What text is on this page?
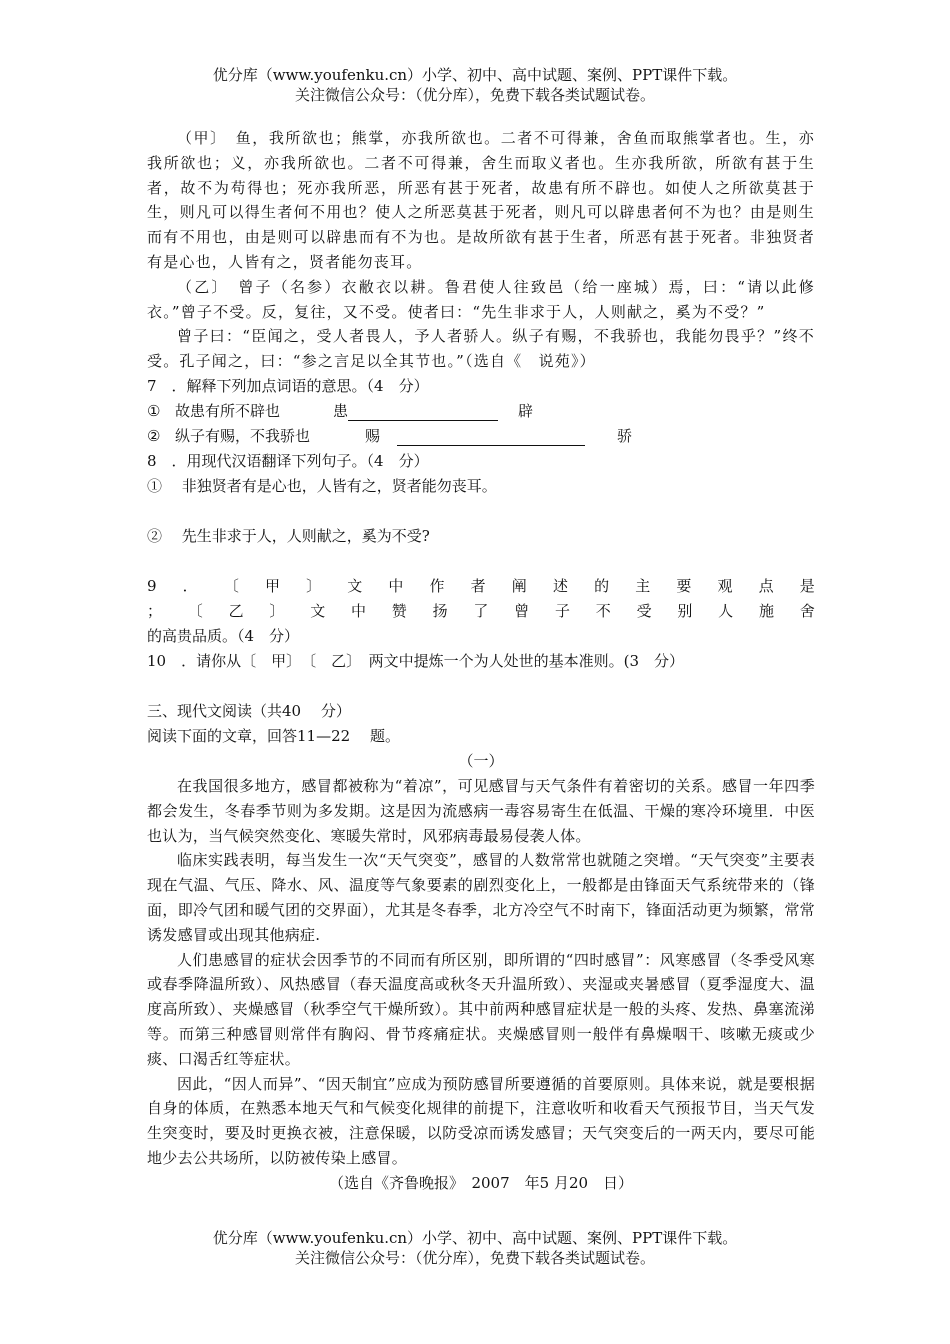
优分库（www.youfenku.cn）小学、初中、高中试题、案例、PPT课件下载。
关注微信公众号：（优分库），免费下载各类试题试卷。

（甲〕　鱼，我所欲也；熊掌，亦我所欲也。二者不可得兼，舍鱼而取熊掌者也。生，亦我所欲也；义，亦我所欲也。二者不可得兼，舍生而取义者也。生亦我所欲，所欲有甚于生者，故不为苟得也；死亦我所恶，所恶有甚于死者，故患有所不辟也。如使人之所欲莫甚于生，则凡可以得生者何不用也？使人之所恶莫甚于死者，则凡可以辟患者何不为也？由是则生而有不用也，由是则可以辟患而有不为也。是故所欲有甚于生者，所恶有甚于死者。非独贤者有是心也，人皆有之，贤者能勿丧耳。

（乙〕　曾子（名参）衣敝衣以耕。鲁君使人往致邑（给一座城）焉，曰：“请以此修衣。”曾子不受。反，复往，又不受。使者曰：“先生非求于人，人则献之，奚为不受？”

曾子曰：“臣闻之，受人者畏人，予人者骄人。纵子有赐，不我骄也，我能勿畏乎？”终不受。孔子闻之，曰：“参之言足以全其节也。”（选自《　说苑》）

7　．解释下列加点词语的意思。（4　分）

① 故患有所不辟也	患	辟
② 纵子有赐，不我骄也	赐	骄

8　．用现代汉语翻译下列句子。（4　分）

①　 非独贤者有是心也，人皆有之，贤者能勿丧耳。

②　 先生非求于人，人则献之，奚为不受?

9 ． 〔 甲 〕 文 中 作 者 阐 述 的 主 要 观 点 是
； 〔 乙 〕 文 中 赞 扬 了 曾 子 不 受 别 人 施 舍

的高贵品质。（4　分）

10　．请你从〔　甲〕　〔　乙〕　两文中提炼一个为人处世的基本准则。(3　分）

三、现代文阅读（共40　 分）

阅读下面的文章，回答11—22　 题。

（一）

在我国很多地方，感冒都被称为“着凉”，可见感冒与天气条件有着密切的关系。感冒一年四季都会发生，冬春季节则为多发期。这是因为流感病一毒容易寄生在低温、干燥的寒冷环境里．中医也认为，当气候突然变化、寒暖失常时，风邪病毒最易侵袭人体。

临床实践表明，每当发生一次“天气突变”，感冒的人数常常也就随之突增。“天气突变”主要表现在气温、气压、降水、风、温度等气象要素的剧烈变化上，一般都是由锋面天气系统带来的（锋面，即冷气团和暖气团的交界面），尤其是冬春季，北方冷空气不时南下，锋面活动更为频繁，常常诱发感冒或出现其他病症.

人们患感冒的症状会因季节的不同而有所区别，即所谓的“四时感冒”：风寒感冒（冬季受风寒或春季降温所致）、风热感冒（春天温度高或秋冬天升温所致）、夹湿或夹暑感冒（夏季湿度大、温度高所致）、夹燥感冒（秋季空气干燥所致）。其中前两种感冒症状是一般的头疼、发热、鼻塞流涕等。而第三种感冒则常伴有胸闷、骨节疼痛症状。夹燥感冒则一般伴有鼻燥咽干、咳嗽无痰或少痰、口渴舌红等症状。

因此，“因人而异”、“因天制宜”应成为预防感冒所要遵循的首要原则。具体来说，就是要根据自身的体质，在熟悉本地天气和气候变化规律的前提下，注意收听和收看天气预报节目，当天气发生突变时，要及时更换衣被，注意保暖，以防受凉而诱发感冒；天气突变后的一两天内，要尽可能地少去公共场所，以防被传染上感冒。

（选自《齐鲁晚报》　2007　年5 月20　日）

优分库（www.youfenku.cn）小学、初中、高中试题、案例、PPT课件下载。
关注微信公众号：（优分库），免费下载各类试题试卷。
